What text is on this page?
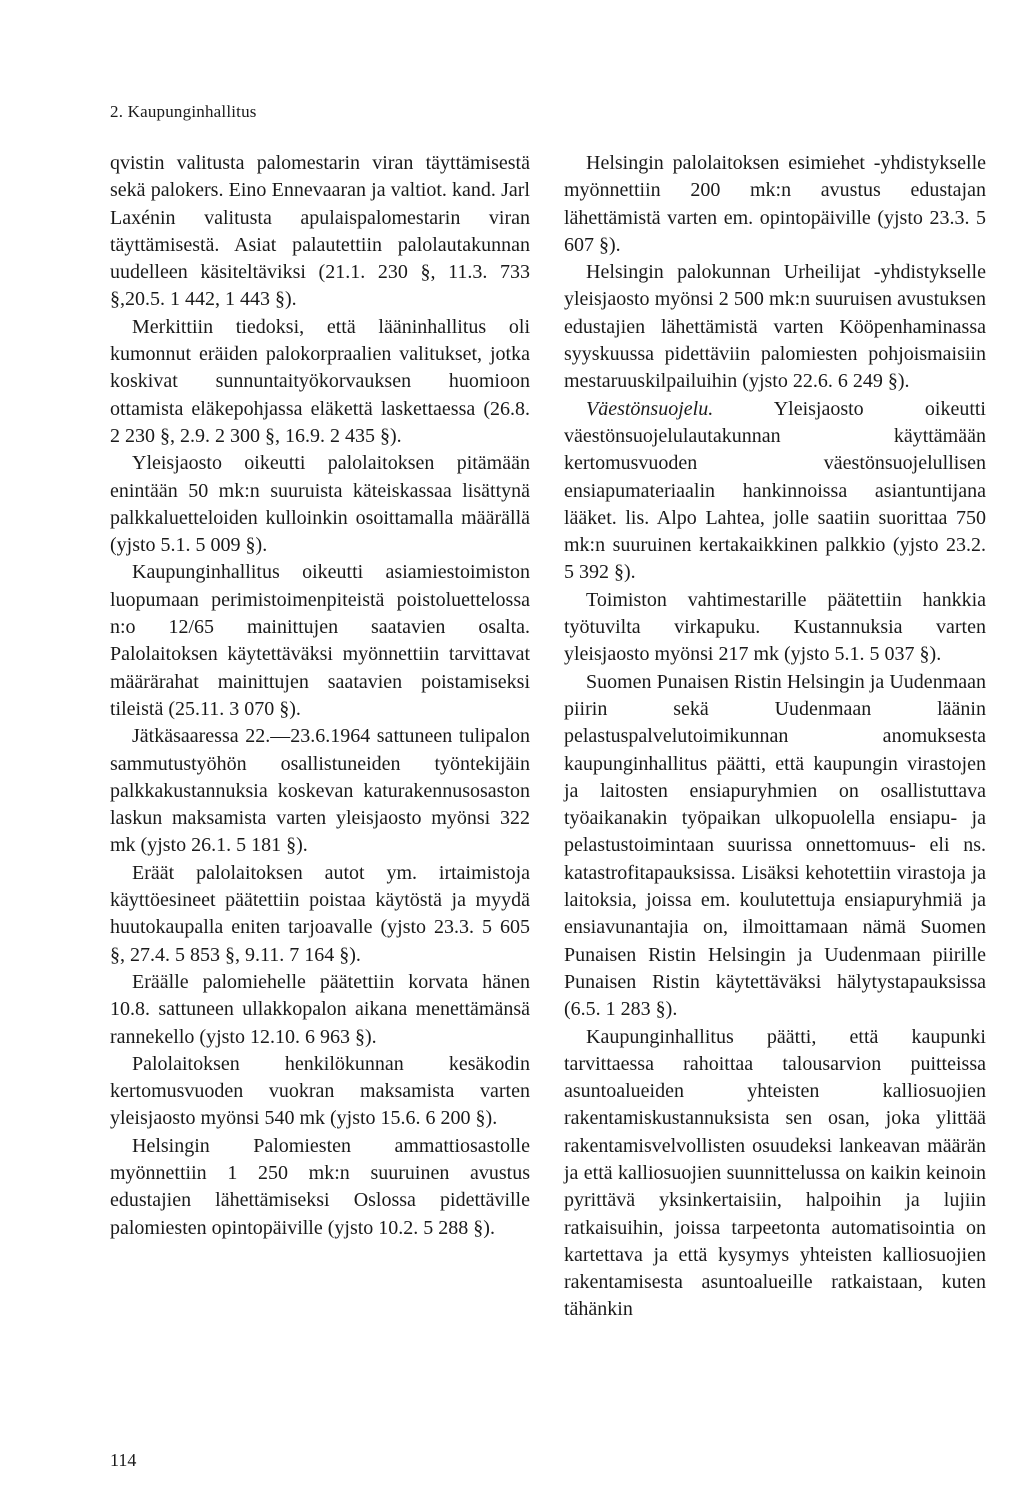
2. Kaupunginhallitus

qvistin valitusta palomestarin viran täyttämisestä sekä palokers. Eino Ennevaaran ja valtiot. kand. Jarl Laxénin valitusta apulaispalomestarin viran täyttämisestä. Asiat palautettiin palolautakunnan uudelleen käsiteltäviksi (21.1. 230 §, 11.3. 733 §,20.5. 1 442, 1 443 §).

Merkittiin tiedoksi, että lääninhallitus oli kumonnut eräiden palokorpraalien valitukset, jotka koskivat sunnuntaityökorvauksen huomioon ottamista eläkepohjassa eläkettä laskettaessa (26.8. 2 230 §, 2.9. 2 300 §, 16.9. 2 435 §).

Yleisjaosto oikeutti palolaitoksen pitämään enintään 50 mk:n suuruista käteiskassaa lisättynä palkkaluetteloiden kulloinkin osoittamalla määrällä (yjsto 5.1. 5 009 §).

Kaupunginhallitus oikeutti asiamiestoimiston luopumaan perimistoimenpiteistä poistoluettelossa n:o 12/65 mainittujen saatavien osalta. Palolaitoksen käytettäväksi myönnettiin tarvittavat määrärahat mainittujen saatavien poistamiseksi tileistä (25.11. 3 070 §).

Jätkäsaaressa 22.—23.6.1964 sattuneen tulipalon sammutustyöhön osallistuneiden työntekijäin palkkakustannuksia koskevan katurakennusosaston laskun maksamista varten yleisjaosto myönsi 322 mk (yjsto 26.1. 5 181 §).

Eräät palolaitoksen autot ym. irtaimistoja käyttöesineet päätettiin poistaa käytöstä ja myydä huutokaupalla eniten tarjoavalle (yjsto 23.3. 5 605 §, 27.4. 5 853 §, 9.11. 7 164 §).

Eräälle palomiehelle päätettiin korvata hänen 10.8. sattuneen ullakkopalon aikana menettämänsä rannekello (yjsto 12.10. 6 963 §).

Palolaitoksen henkilökunnan kesäkodin kertomusvuoden vuokran maksamista varten yleisjaosto myönsi 540 mk (yjsto 15.6. 6 200 §).

Helsingin Palomiesten ammattiosastolle myönnettiin 1 250 mk:n suuruinen avustus edustajien lähettämiseksi Oslossa pidettäville palomiesten opintopäiville (yjsto 10.2. 5 288 §).

Helsingin palolaitoksen esimiehet -yhdistykselle myönnettiin 200 mk:n avustus edustajan lähettämistä varten em. opintopäiville (yjsto 23.3. 5 607 §).

Helsingin palokunnan Urheilijat -yhdistykselle yleisjaosto myönsi 2 500 mk:n suuruisen avustuksen edustajien lähettämistä varten Kööpenhaminassa syyskuussa pidettäviin palomiesten pohjoismaisiin mestaruuskilpailuihin (yjsto 22.6. 6 249 §).

Väestönsuojelu. Yleisjaosto oikeutti väestönsuojelulautakunnan käyttämään kertomusvuoden väestönsuojelullisen ensiapumateriaalin hankinnoissa asiantuntijana lääket. lis. Alpo Lahtea, jolle saatiin suorittaa 750 mk:n suuruinen kertakaikkinen palkkio (yjsto 23.2. 5 392 §).

Toimiston vahtimestarille päätettiin hankkia työtuvilta virkapuku. Kustannuksia varten yleisjaosto myönsi 217 mk (yjsto 5.1. 5 037 §).

Suomen Punaisen Ristin Helsingin ja Uudenmaan piirin sekä Uudenmaan läänin pelastuspalvelutoimikunnan anomuksesta kaupunginhallitus päätti, että kaupungin virastojen ja laitosten ensiapuryhmien on osallistuttava työaikanakin työpaikan ulkopuolella ensiapu- ja pelastustoimintaan suurissa onnettomuus- eli ns. katastrofitapauksissa. Lisäksi kehotettiin virastoja ja laitoksia, joissa em. koulutettuja ensiapuryhmiä ja ensiavunantajia on, ilmoittamaan nämä Suomen Punaisen Ristin Helsingin ja Uudenmaan piirille Punaisen Ristin käytettäväksi hälytystapauksissa (6.5. 1 283 §).

Kaupunginhallitus päätti, että kaupunki tarvittaessa rahoittaa talousarvion puitteissa asuntoalueiden yhteisten kalliosuojien rakentamiskustannuksista sen osan, joka ylittää rakentamisvelvollisten osuudeksi lankeavan määrän ja että kalliosuojien suunnittelussa on kaikin keinoin pyrittävä yksinkertaisiin, halpoihin ja lujiin ratkaisuihin, joissa tarpeetonta automatisointia on kartettava ja että kysymys yhteisten kalliosuojien rakentamisesta asuntoalueille ratkaistaan, kuten tähänkin

114
